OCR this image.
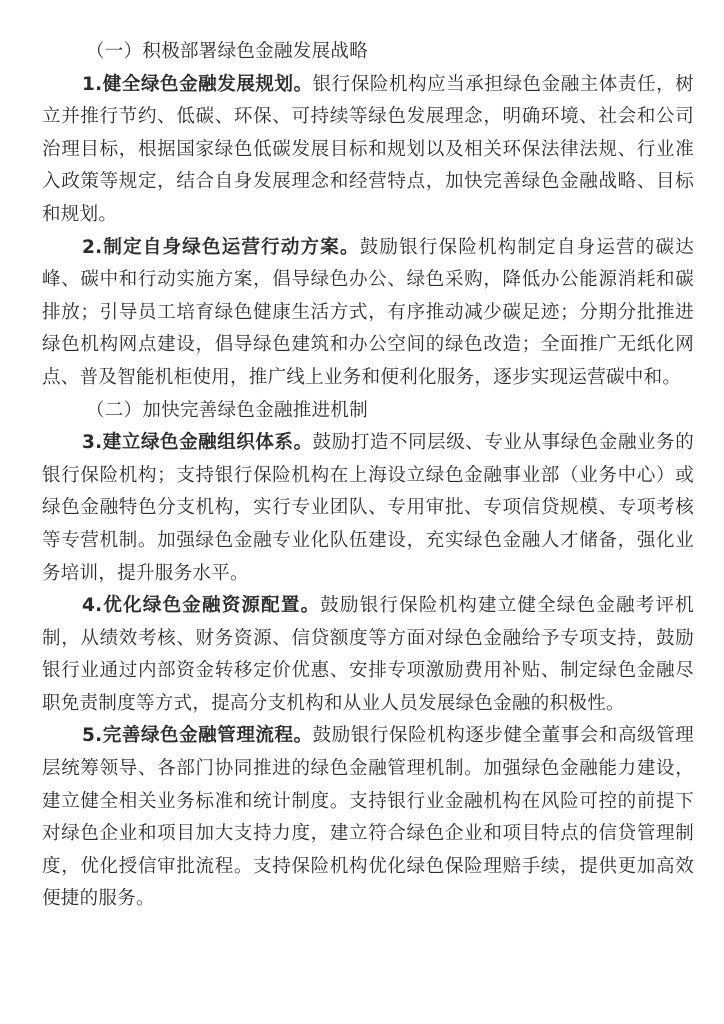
（一）积极部署绿色金融发展战略

1.健全绿色金融发展规划。银行保险机构应当承担绿色金融主体责任，树立并推行节约、低碳、环保、可持续等绿色发展理念，明确环境、社会和公司治理目标，根据国家绿色低碳发展目标和规划以及相关环保法律法规、行业准入政策等规定，结合自身发展理念和经营特点，加快完善绿色金融战略、目标和规划。

2.制定自身绿色运营行动方案。鼓励银行保险机构制定自身运营的碳达峰、碳中和行动实施方案，倡导绿色办公、绿色采购，降低办公能源消耗和碳排放；引导员工培育绿色健康生活方式，有序推动减少碳足迹；分期分批推进绿色机构网点建设，倡导绿色建筑和办公空间的绿色改造；全面推广无纸化网点、普及智能机柜使用，推广线上业务和便利化服务，逐步实现运营碳中和。

（二）加快完善绿色金融推进机制

3.建立绿色金融组织体系。鼓励打造不同层级、专业从事绿色金融业务的银行保险机构；支持银行保险机构在上海设立绿色金融事业部（业务中心）或绿色金融特色分支机构，实行专业团队、专用审批、专项信贷规模、专项考核等专营机制。加强绿色金融专业化队伍建设，充实绿色金融人才储备，强化业务培训，提升服务水平。

4.优化绿色金融资源配置。鼓励银行保险机构建立健全绿色金融考评机制，从绩效考核、财务资源、信贷额度等方面对绿色金融给予专项支持，鼓励银行业通过内部资金转移定价优惠、安排专项激励费用补贴、制定绿色金融尽职免责制度等方式，提高分支机构和从业人员发展绿色金融的积极性。

5.完善绿色金融管理流程。鼓励银行保险机构逐步健全董事会和高级管理层统筹领导、各部门协同推进的绿色金融管理机制。加强绿色金融能力建设，建立健全相关业务标准和统计制度。支持银行业金融机构在风险可控的前提下对绿色企业和项目加大支持力度，建立符合绿色企业和项目特点的信贷管理制度，优化授信审批流程。支持保险机构优化绿色保险理赔手续，提供更加高效便捷的服务。
